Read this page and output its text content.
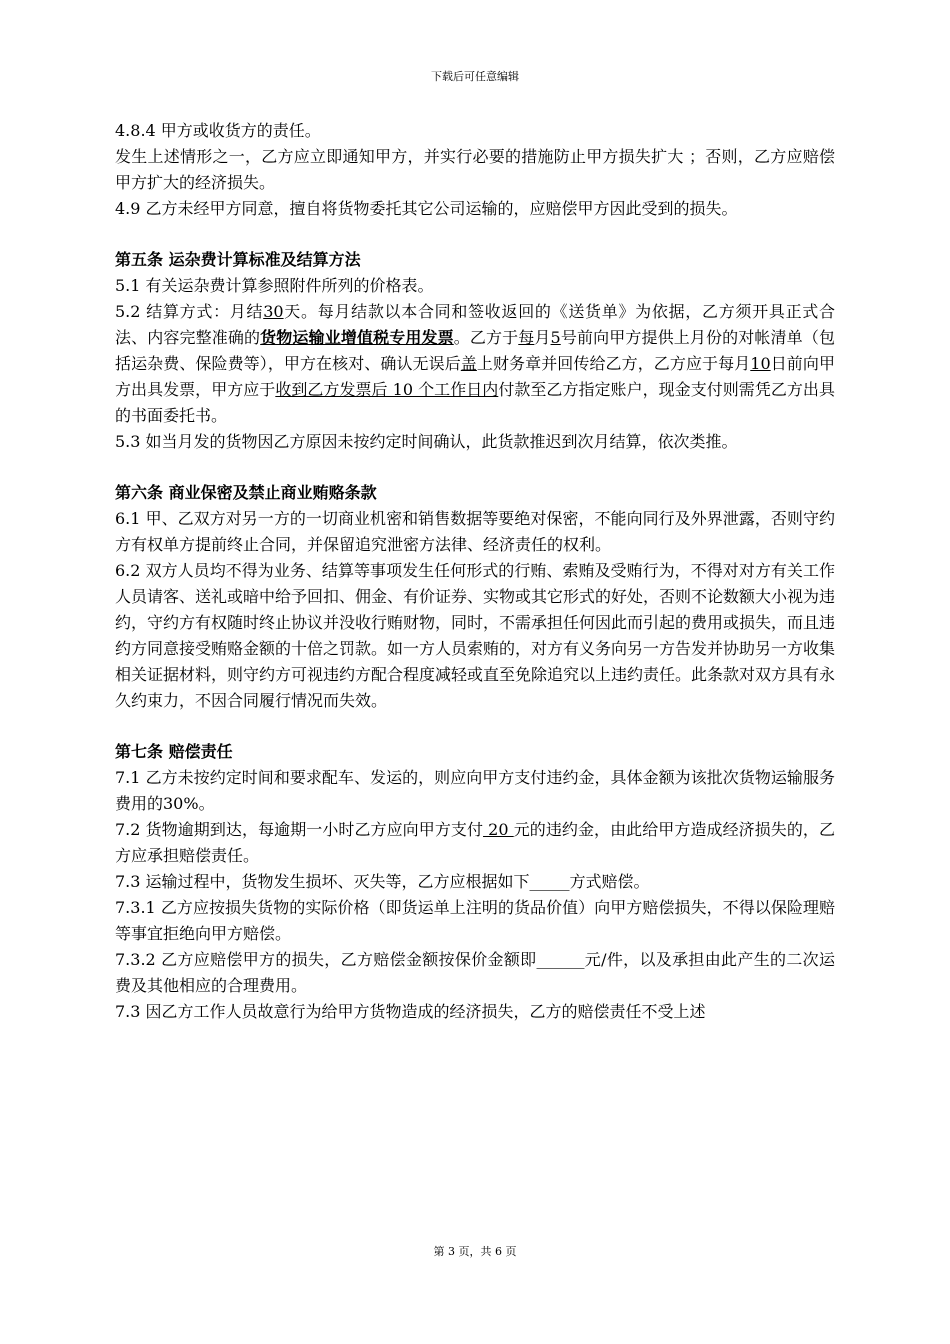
下载后可任意编辑

4.8.4 甲方或收货方的责任。

发生上述情形之一，乙方应立即通知甲方，并实行必要的措施防止甲方损失扩大 ；否则，乙方应赔偿甲方扩大的经济损失。

4.9 乙方未经甲方同意，擅自将货物委托其它公司运输的，应赔偿甲方因此受到的损失。

第五条 运杂费计算标准及结算方法

5.1 有关运杂费计算参照附件所列的价格表。

5.2 结算方式：月结30天。每月结款以本合同和签收返回的《送货单》为依据，乙方须开具正式合法、内容完整准确的货物运输业增值税专用发票。乙方于每月5号前向甲方提供上月份的对帐清单（包括运杂费、保险费等），甲方在核对、确认无误后盖上财务章并回传给乙方，乙方应于每月10日前向甲方出具发票，甲方应于收到乙方发票后 10 个工作日内付款至乙方指定账户，现金支付则需凭乙方出具的书面委托书。

5.3 如当月发的货物因乙方原因未按约定时间确认，此货款推迟到次月结算，依次类推。

第六条 商业保密及禁止商业贿赂条款

6.1 甲、乙双方对另一方的一切商业机密和销售数据等要绝对保密，不能向同行及外界泄露，否则守约方有权单方提前终止合同，并保留追究泄密方法律、经济责任的权利。

6.2 双方人员均不得为业务、结算等事项发生任何形式的行贿、索贿及受贿行为，不得对对方有关工作人员请客、送礼或暗中给予回扣、佣金、有价证券、实物或其它形式的好处，否则不论数额大小视为违约，守约方有权随时终止协议并没收行贿财物，同时，不需承担任何因此而引起的费用或损失，而且违约方同意接受贿赂金额的十倍之罚款。如一方人员索贿的，对方有义务向另一方告发并协助另一方收集相关证据材料，则守约方可视违约方配合程度减轻或直至免除追究以上违约责任。此条款对双方具有永久约束力，不因合同履行情况而失效。

第七条 赔偿责任

7.1 乙方未按约定时间和要求配车、发运的，则应向甲方支付违约金，具体金额为该批次货物运输服务费用的30%。

7.2 货物逾期到达，每逾期一小时乙方应向甲方支付 20 元的违约金，由此给甲方造成经济损失的，乙方应承担赔偿责任。

7.3 运输过程中，货物发生损坏、灭失等，乙方应根据如下_____方式赔偿。

7.3.1 乙方应按损失货物的实际价格（即货运单上注明的货品价值）向甲方赔偿损失，不得以保险理赔等事宜拒绝向甲方赔偿。

7.3.2 乙方应赔偿甲方的损失，乙方赔偿金额按保价金额即______元/件，以及承担由此产生的二次运费及其他相应的合理费用。

7.3 因乙方工作人员故意行为给甲方货物造成的经济损失，乙方的赔偿责任不受上述

第 3 页，共 6 页
